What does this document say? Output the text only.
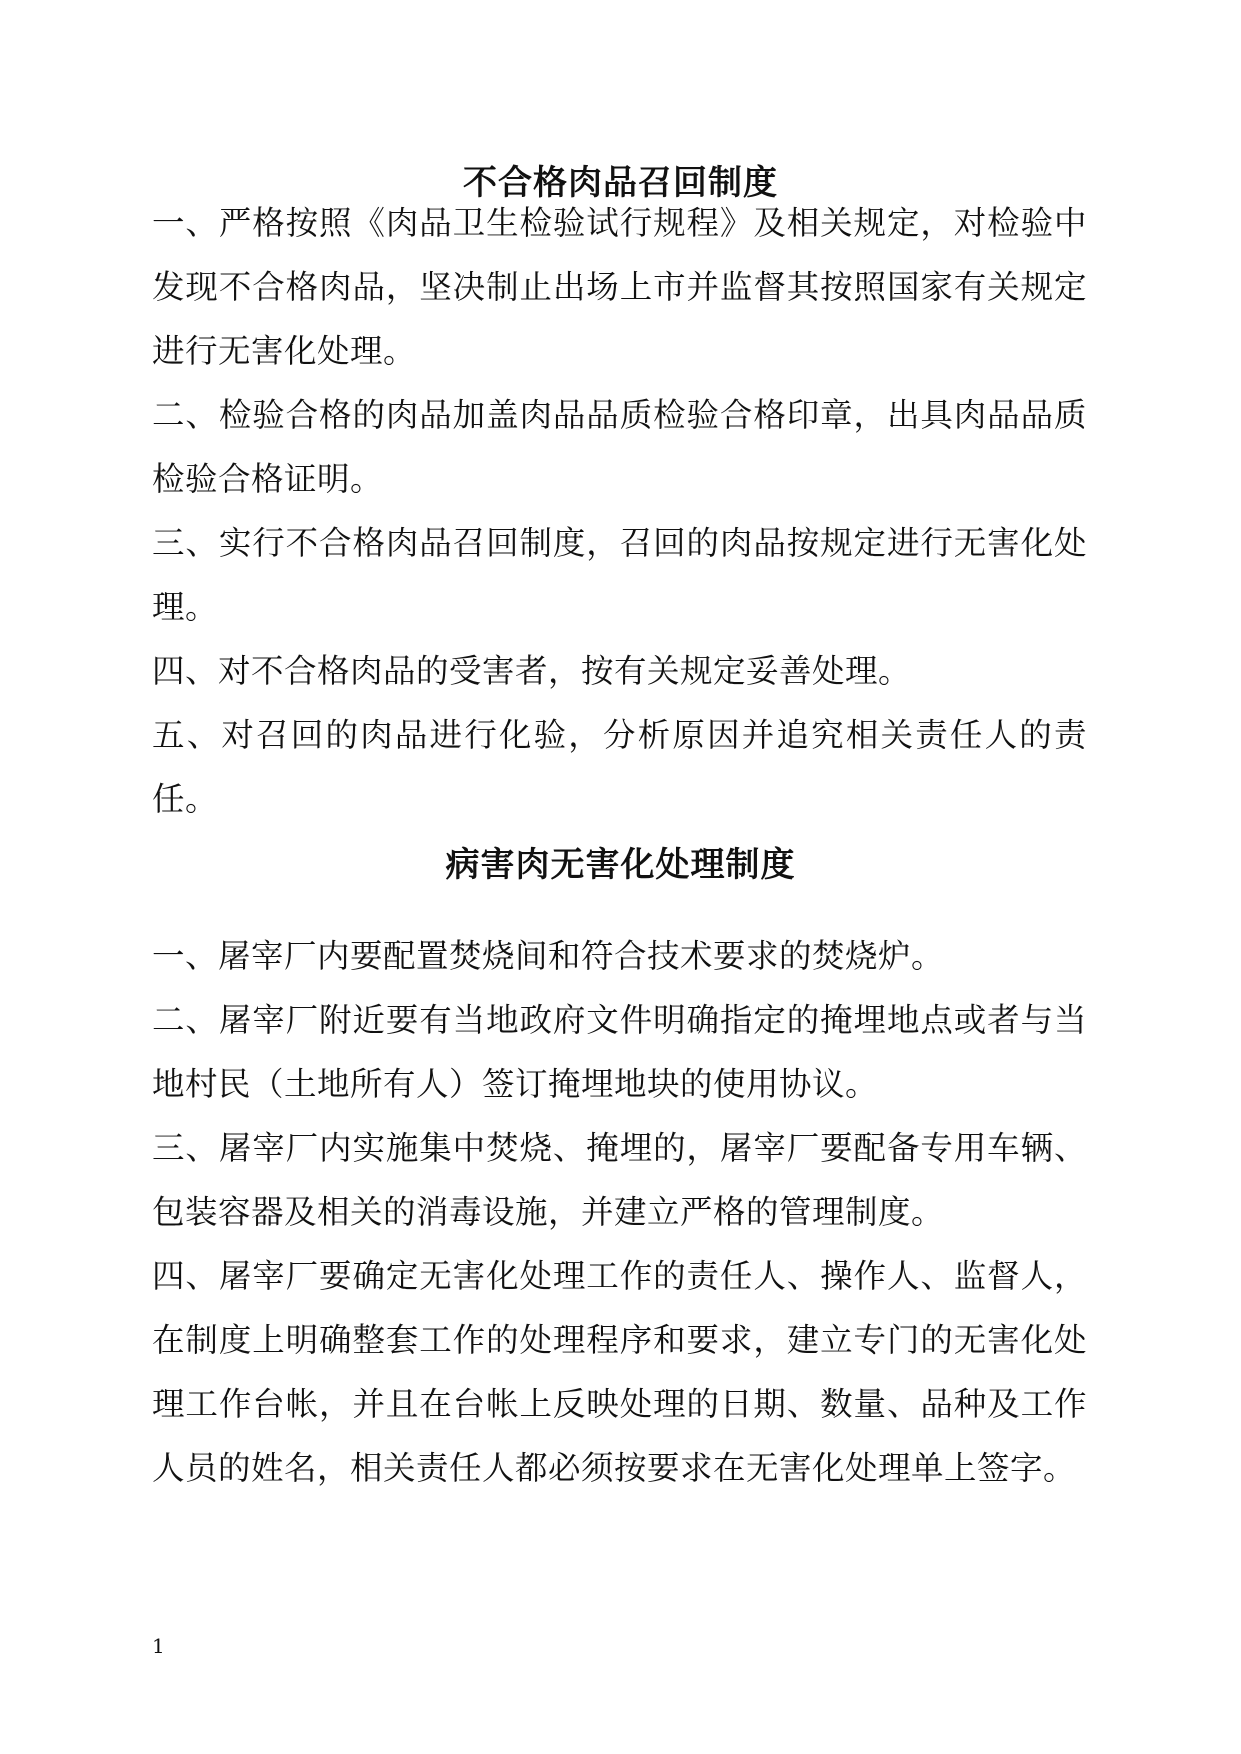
不合格肉品召回制度

一、严格按照《肉品卫生检验试行规程》及相关规定，对检验中发现不合格肉品，坚决制止出场上市并监督其按照国家有关规定进行无害化处理。

二、检验合格的肉品加盖肉品品质检验合格印章，出具肉品品质检验合格证明。

三、实行不合格肉品召回制度，召回的肉品按规定进行无害化处理。

四、对不合格肉品的受害者，按有关规定妥善处理。

五、对召回的肉品进行化验，分析原因并追究相关责任人的责任。

病害肉无害化处理制度

一、屠宰厂内要配置焚烧间和符合技术要求的焚烧炉。

二、屠宰厂附近要有当地政府文件明确指定的掩埋地点或者与当地村民（土地所有人）签订掩埋地块的使用协议。

三、屠宰厂内实施集中焚烧、掩埋的，屠宰厂要配备专用车辆、包装容器及相关的消毒设施，并建立严格的管理制度。

四、屠宰厂要确定无害化处理工作的责任人、操作人、监督人，在制度上明确整套工作的处理程序和要求，建立专门的无害化处理工作台帐，并且在台帐上反映处理的日期、数量、品种及工作人员的姓名，相关责任人都必须按要求在无害化处理单上签字。

1
